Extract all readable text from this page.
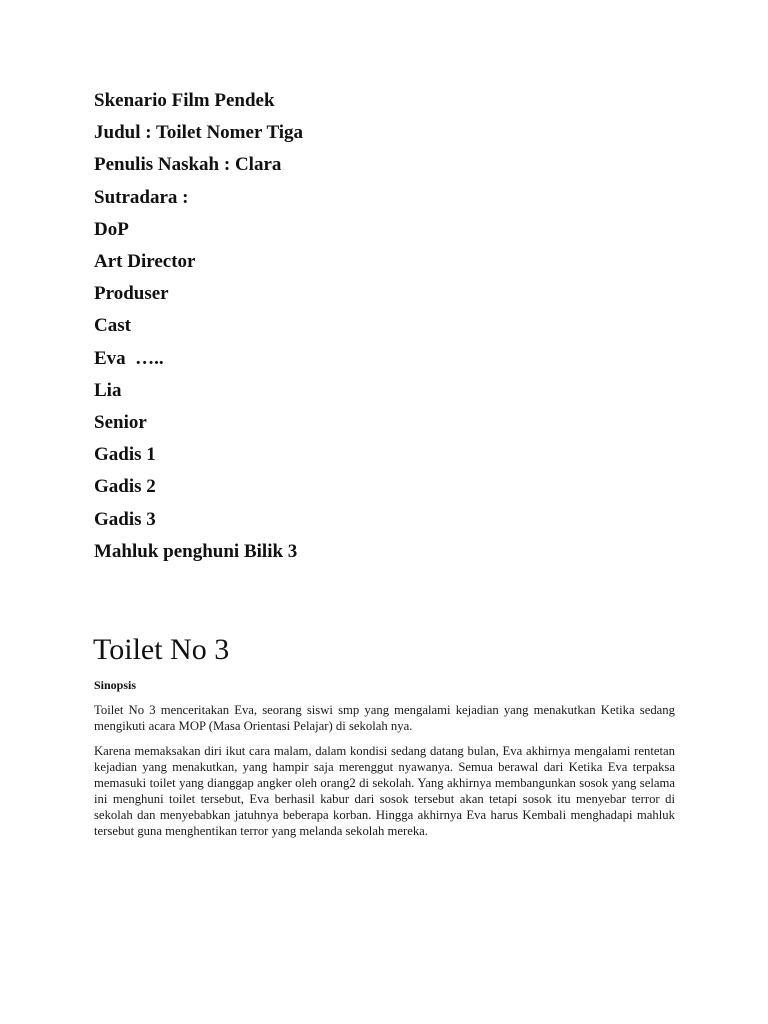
Skenario Film Pendek
Judul : Toilet Nomer Tiga
Penulis Naskah : Clara
Sutradara :
DoP
Art Director
Produser
Cast
Eva  …..
Lia
Senior
Gadis 1
Gadis 2
Gadis 3
Mahluk penghuni Bilik 3
Toilet No 3
Sinopsis

Toilet No 3 menceritakan Eva, seorang siswi smp yang mengalami kejadian yang menakutkan Ketika sedang mengikuti acara MOP (Masa Orientasi Pelajar) di sekolah nya.

Karena memaksakan diri ikut cara malam, dalam kondisi sedang datang bulan, Eva akhirnya mengalami rentetan kejadian yang menakutkan, yang hampir saja merenggut nyawanya. Semua berawal dari Ketika Eva terpaksa memasuki toilet yang dianggap angker oleh orang2 di sekolah. Yang akhirnya membangunkan sosok yang selama ini menghuni toilet tersebut, Eva berhasil kabur dari sosok tersebut akan tetapi sosok itu menyebar terror di sekolah dan menyebabkan jatuhnya beberapa korban. Hingga akhirnya Eva harus Kembali menghadapi mahluk tersebut guna menghentikan terror yang melanda sekolah mereka.
